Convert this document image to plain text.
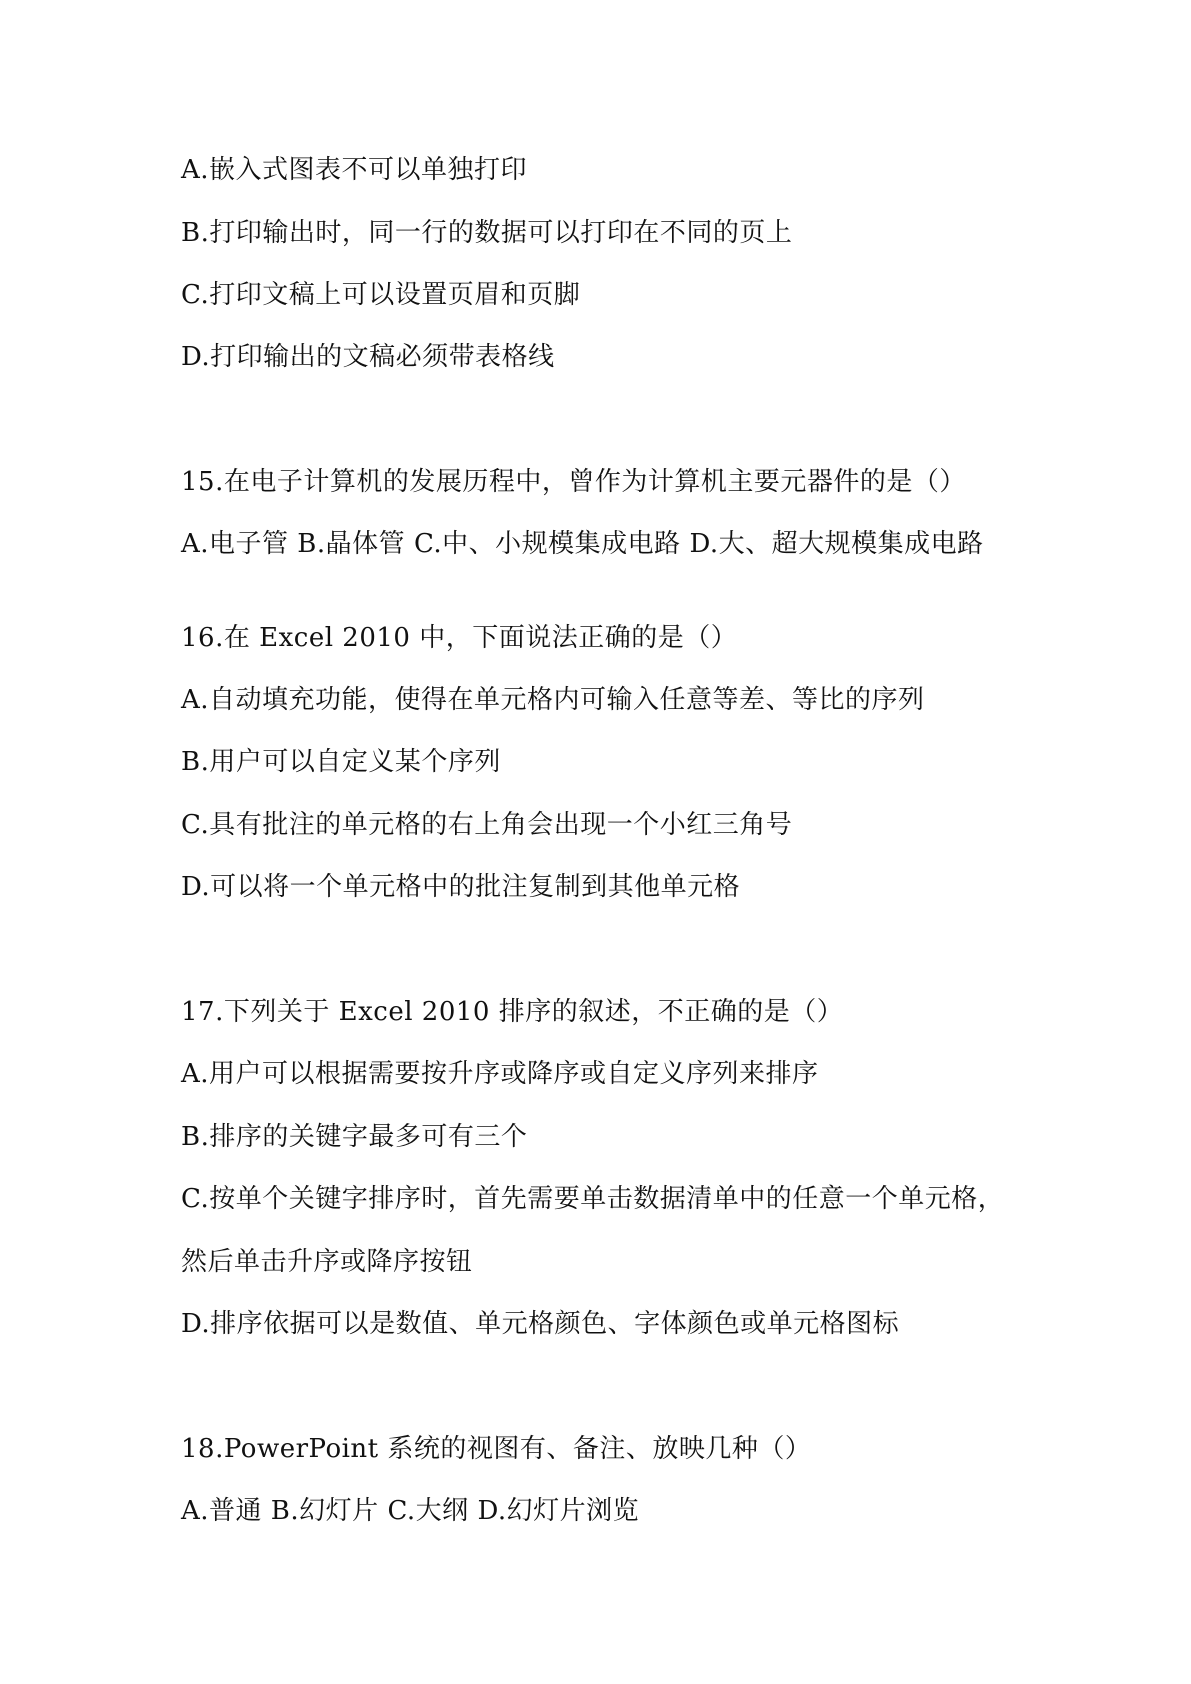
A.嵌入式图表不可以单独打印
B.打印输出时，同一行的数据可以打印在不同的页上
C.打印文稿上可以设置页眉和页脚
D.打印输出的文稿必须带表格线
15.在电子计算机的发展历程中，曾作为计算机主要元器件的是（）
A.电子管 B.晶体管 C.中、小规模集成电路 D.大、超大规模集成电路
16.在 Excel 2010 中，下面说法正确的是（）
A.自动填充功能，使得在单元格内可输入任意等差、等比的序列
B.用户可以自定义某个序列
C.具有批注的单元格的右上角会出现一个小红三角号
D.可以将一个单元格中的批注复制到其他单元格
17.下列关于 Excel 2010 排序的叙述，不正确的是（）
A.用户可以根据需要按升序或降序或自定义序列来排序
B.排序的关键字最多可有三个
C.按单个关键字排序时，首先需要单击数据清单中的任意一个单元格，
然后单击升序或降序按钮
D.排序依据可以是数值、单元格颜色、字体颜色或单元格图标
18.PowerPoint 系统的视图有、备注、放映几种（）
A.普通 B.幻灯片 C.大纲 D.幻灯片浏览
